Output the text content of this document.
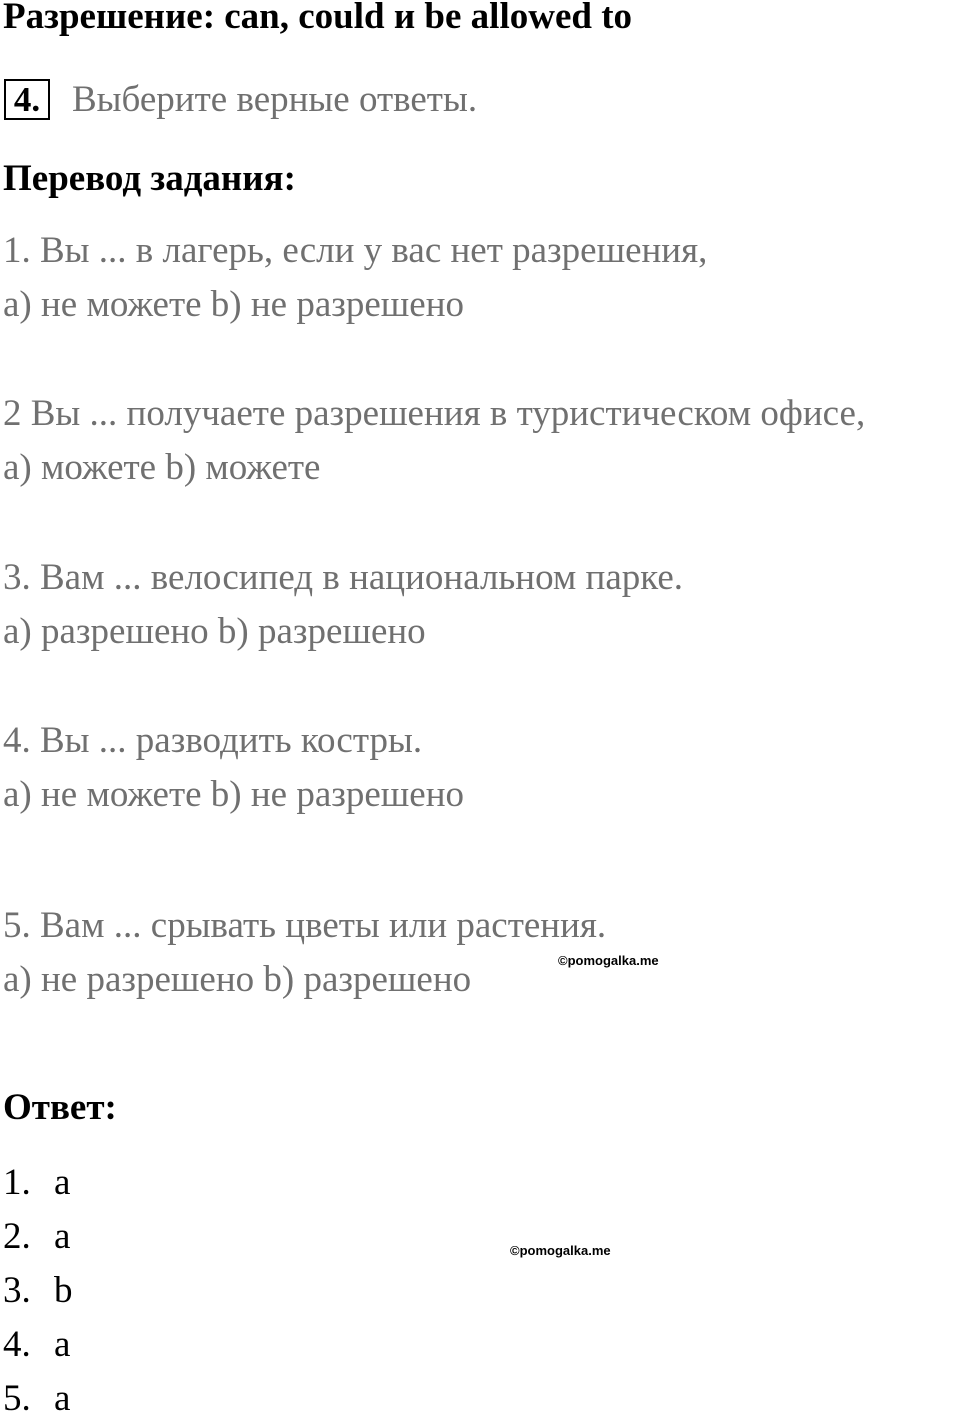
Разрешение: can, could и be allowed to
4. Выберите верные ответы.
Перевод задания:
1. Вы ... в лагерь, если у вас нет разрешения,
а) не можете b) не разрешено
2 Вы ... получаете разрешения в туристическом офисе,
а) можете b) можете
3. Вам ... велосипед в национальном парке.
а) разрешено b) разрешено
4. Вы ... разводить костры.
а) не можете b) не разрешено
5. Вам ... срывать цветы или растения.
а) не разрешено b) разрешено	©pomogalka.me
Ответ:
1. a
2. a
3. b
4. a
5. a
©pomogalka.me
